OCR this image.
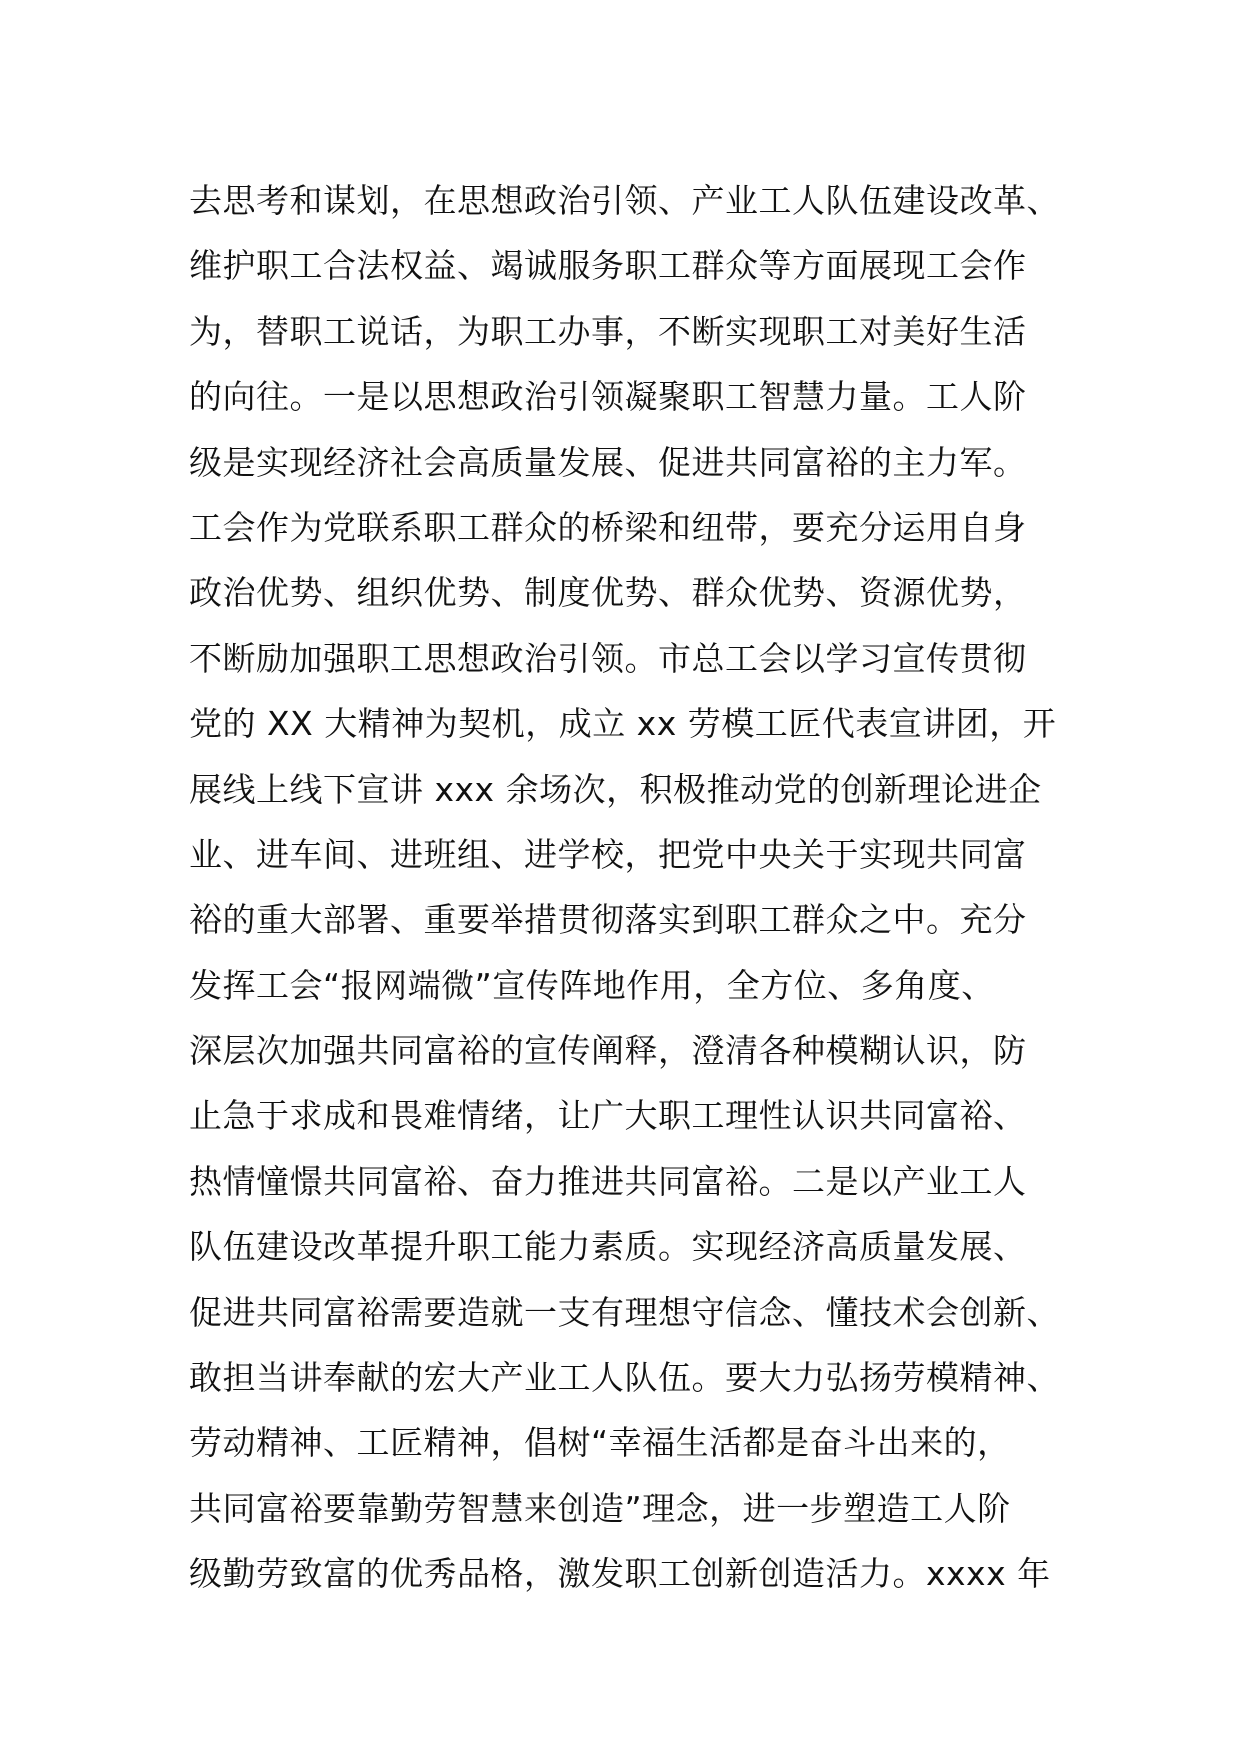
去思考和谋划，在思想政治引领、产业工人队伍建设改革、
维护职工合法权益、竭诚服务职工群众等方面展现工会作
为，替职工说话，为职工办事，不断实现职工对美好生活
的向往。一是以思想政治引领凝聚职工智慧力量。工人阶
级是实现经济社会高质量发展、促进共同富裕的主力军。
工会作为党联系职工群众的桥梁和纽带，要充分运用自身
政治优势、组织优势、制度优势、群众优势、资源优势，
不断励加强职工思想政治引领。市总工会以学习宣传贯彻
党的 XX 大精神为契机，成立 xx 劳模工匠代表宣讲团，开
展线上线下宣讲 xxx 余场次，积极推动党的创新理论进企
业、进车间、进班组、进学校，把党中央关于实现共同富
裕的重大部署、重要举措贯彻落实到职工群众之中。充分
发挥工会“报网端微”宣传阵地作用，全方位、多角度、
深层次加强共同富裕的宣传阐释，澄清各种模糊认识，防
止急于求成和畏难情绪，让广大职工理性认识共同富裕、
热情憧憬共同富裕、奋力推进共同富裕。二是以产业工人
队伍建设改革提升职工能力素质。实现经济高质量发展、
促进共同富裕需要造就一支有理想守信念、懂技术会创新、
敢担当讲奉献的宏大产业工人队伍。要大力弘扬劳模精神、
劳动精神、工匠精神，倡树“幸福生活都是奋斗出来的，
共同富裕要靠勤劳智慧来创造”理念，进一步塑造工人阶
级勤劳致富的优秀品格，激发职工创新创造活力。xxxx 年
